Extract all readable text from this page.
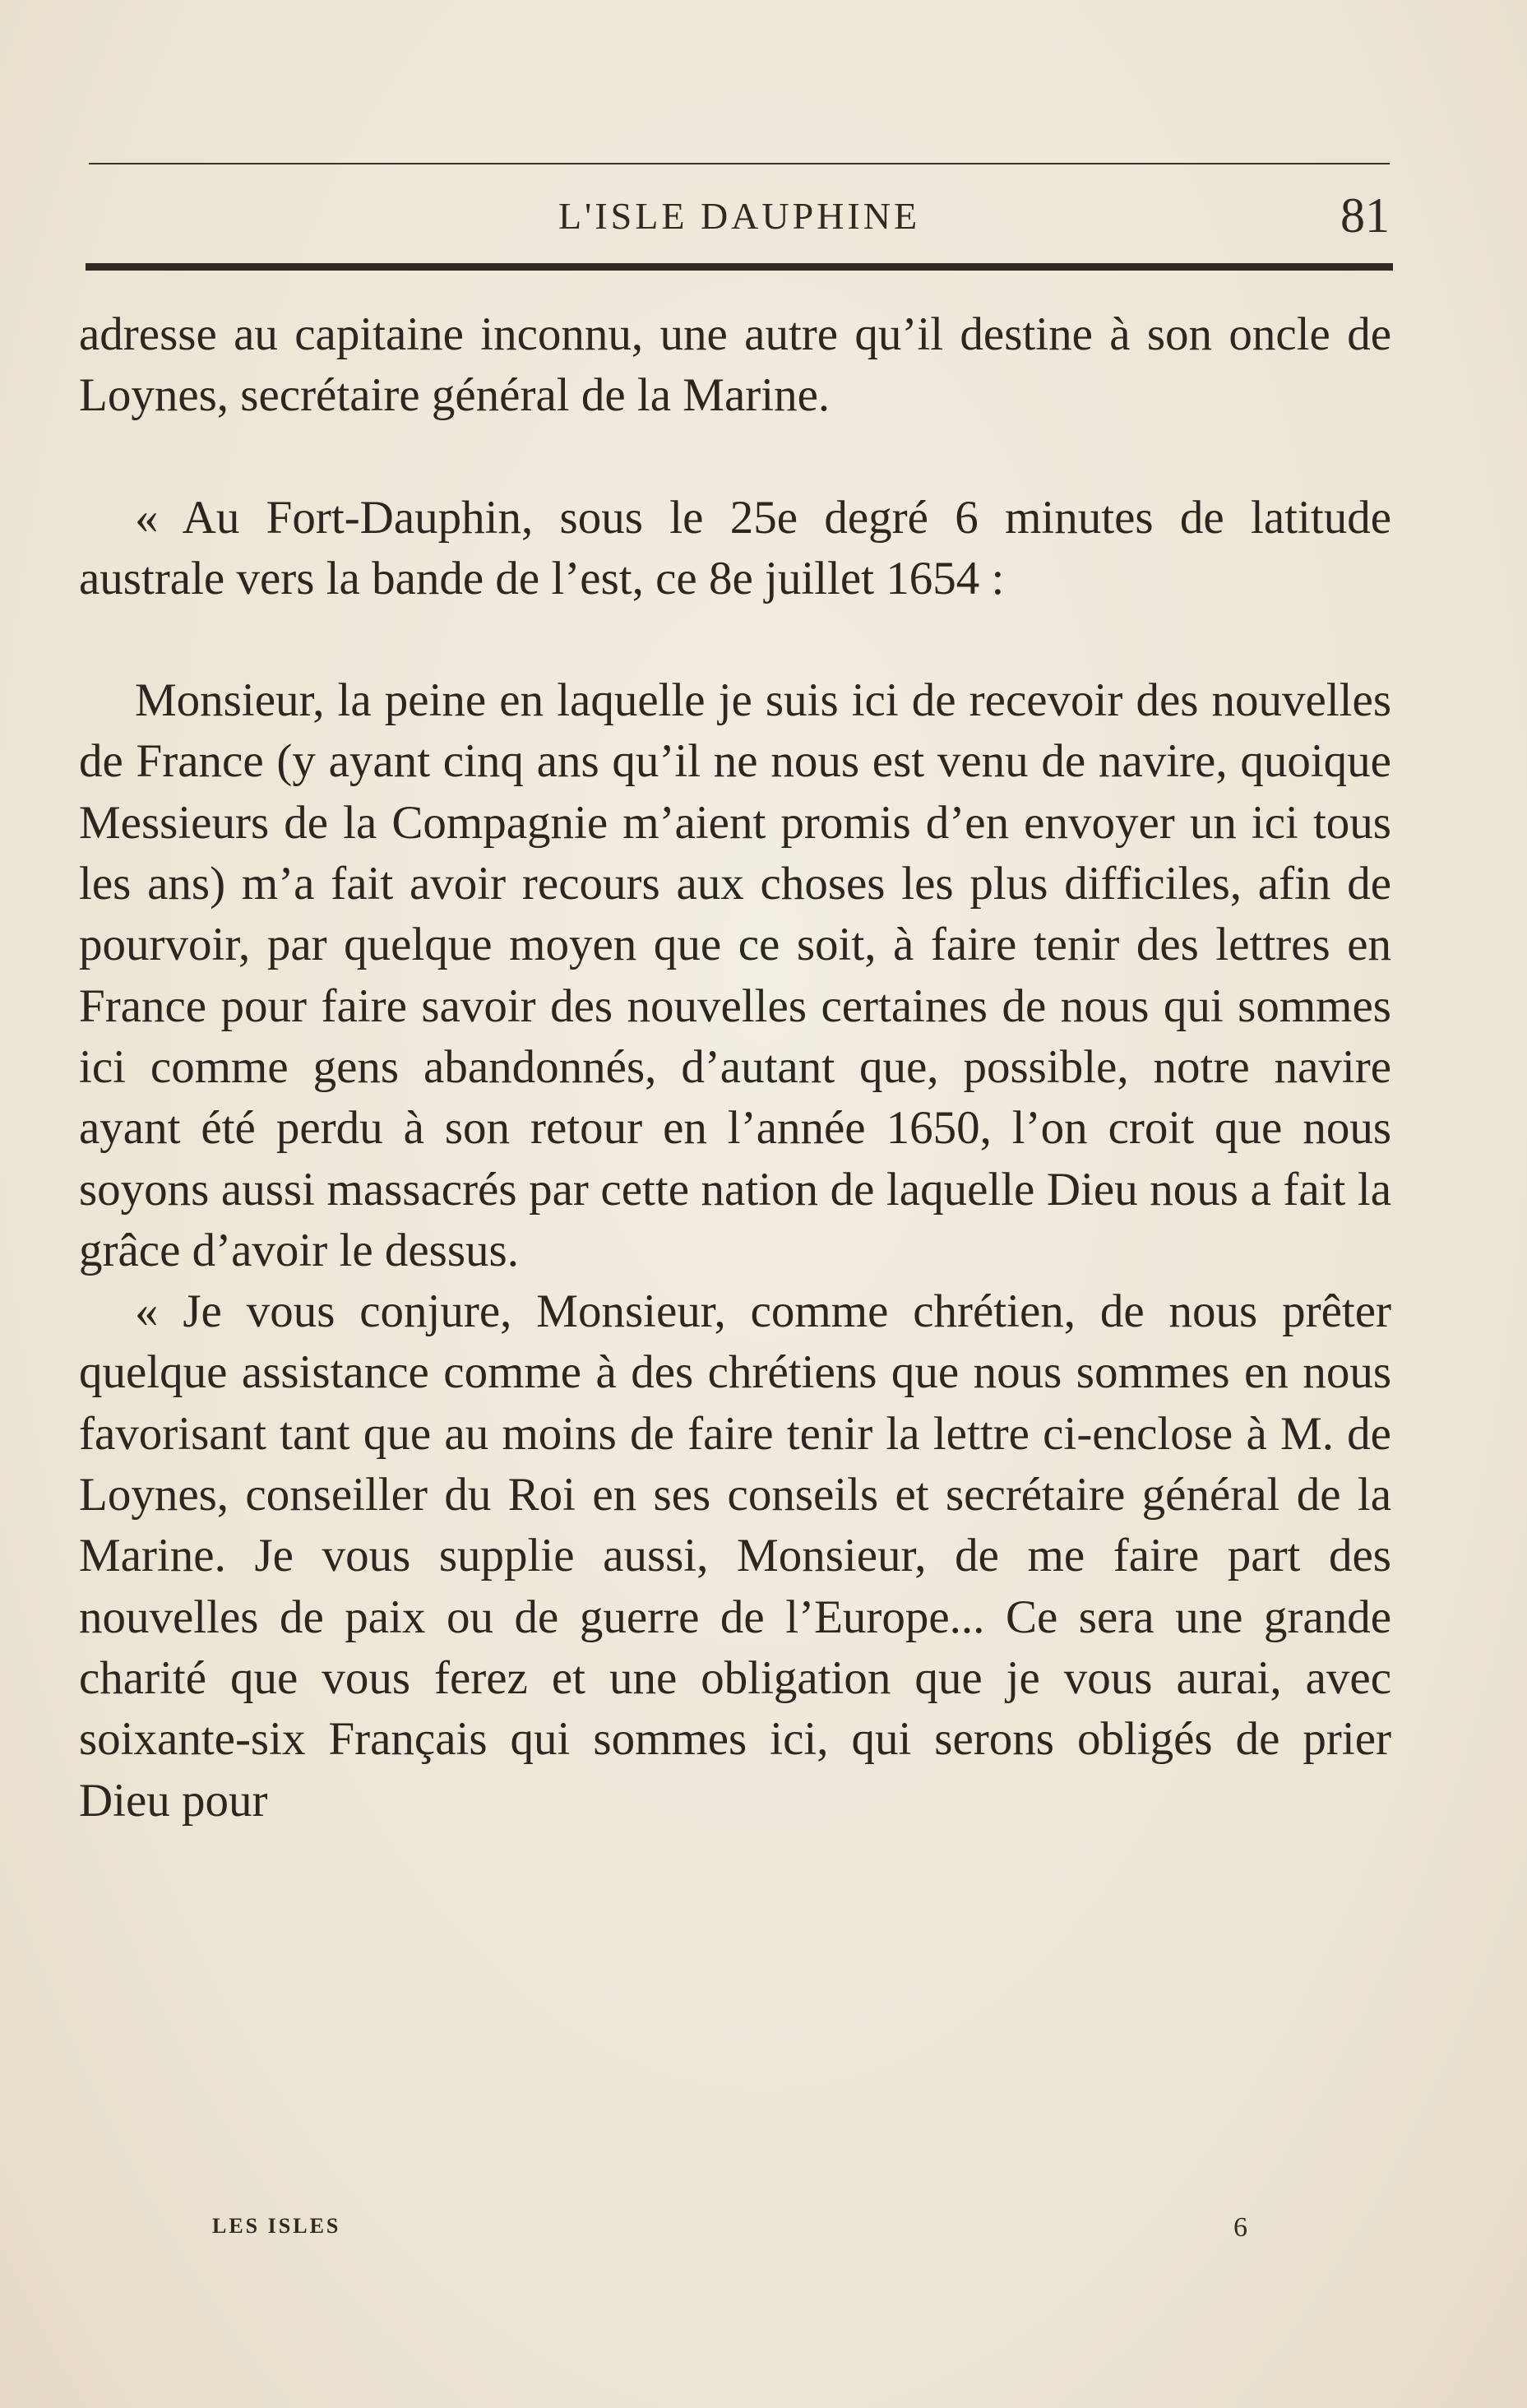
L'ISLE DAUPHINE	81

adresse au capitaine inconnu, une autre qu’il destine à son oncle de Loynes, secrétaire général de la Marine.

« Au Fort-Dauphin, sous le 25e degré 6 minutes de latitude australe vers la bande de l’est, ce 8e juillet 1654 :

Monsieur, la peine en laquelle je suis ici de recevoir des nouvelles de France (y ayant cinq ans qu’il ne nous est venu de navire, quoique Messieurs de la Compagnie m’aient promis d’en envoyer un ici tous les ans) m’a fait avoir recours aux choses les plus difficiles, afin de pourvoir, par quelque moyen que ce soit, à faire tenir des lettres en France pour faire savoir des nouvelles certaines de nous qui sommes ici comme gens abandonnés, d’autant que, possible, notre navire ayant été perdu à son retour en l’année 1650, l’on croit que nous soyons aussi massacrés par cette nation de laquelle Dieu nous a fait la grâce d’avoir le dessus.

« Je vous conjure, Monsieur, comme chrétien, de nous prêter quelque assistance comme à des chrétiens que nous sommes en nous favorisant tant que au moins de faire tenir la lettre ci-enclose à M. de Loynes, conseiller du Roi en ses conseils et secrétaire général de la Marine. Je vous supplie aussi, Monsieur, de me faire part des nouvelles de paix ou de guerre de l’Europe... Ce sera une grande charité que vous ferez et une obligation que je vous aurai, avec soixante-six Français qui sommes ici, qui serons obligés de prier Dieu pour

LES ISLES	6
